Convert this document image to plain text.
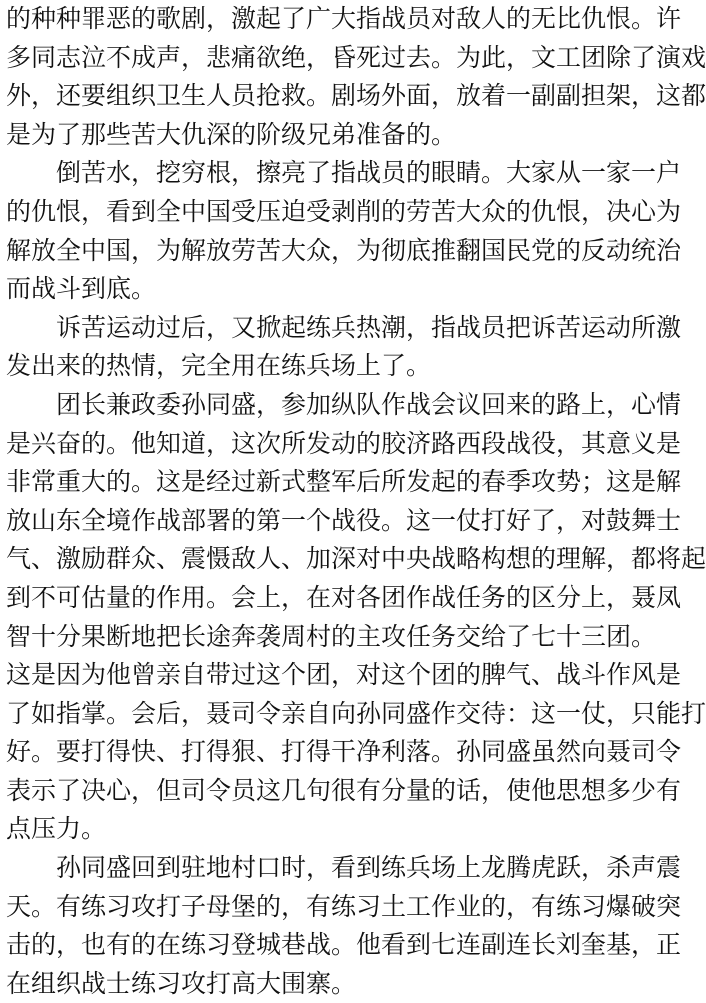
的种种罪恶的歌剧，激起了广大指战员对敌人的无比仇恨。许
多同志泣不成声，悲痛欲绝，昏死过去。为此，文工团除了演戏
外，还要组织卫生人员抢救。剧场外面，放着一副副担架，这都
是为了那些苦大仇深的阶级兄弟准备的。
倒苦水，挖穷根，擦亮了指战员的眼睛。大家从一家一户
的仇恨，看到全中国受压迫受剥削的劳苦大众的仇恨，决心为
解放全中国，为解放劳苦大众，为彻底推翻国民党的反动统治
而战斗到底。
诉苦运动过后，又掀起练兵热潮，指战员把诉苦运动所激
发出来的热情，完全用在练兵场上了。
团长兼政委孙同盛，参加纵队作战会议回来的路上，心情
是兴奋的。他知道，这次所发动的胶济路西段战役，其意义是
非常重大的。这是经过新式整军后所发起的春季攻势；这是解
放山东全境作战部署的第一个战役。这一仗打好了，对鼓舞士
气、激励群众、震慑敌人、加深对中央战略构想的理解，都将起
到不可估量的作用。会上，在对各团作战任务的区分上，聂凤
智十分果断地把长途奔袭周村的主攻任务交给了七十三团。
这是因为他曾亲自带过这个团，对这个团的脾气、战斗作风是
了如指掌。会后，聂司令亲自向孙同盛作交待：这一仗，只能打
好。要打得快、打得狠、打得干净利落。孙同盛虽然向聂司令
表示了决心，但司令员这几句很有分量的话，使他思想多少有
点压力。
孙同盛回到驻地村口时，看到练兵场上龙腾虎跃，杀声震
天。有练习攻打子母堡的，有练习土工作业的，有练习爆破突
击的，也有的在练习登城巷战。他看到七连副连长刘奎基，正
在组织战士练习攻打高大围寨。
